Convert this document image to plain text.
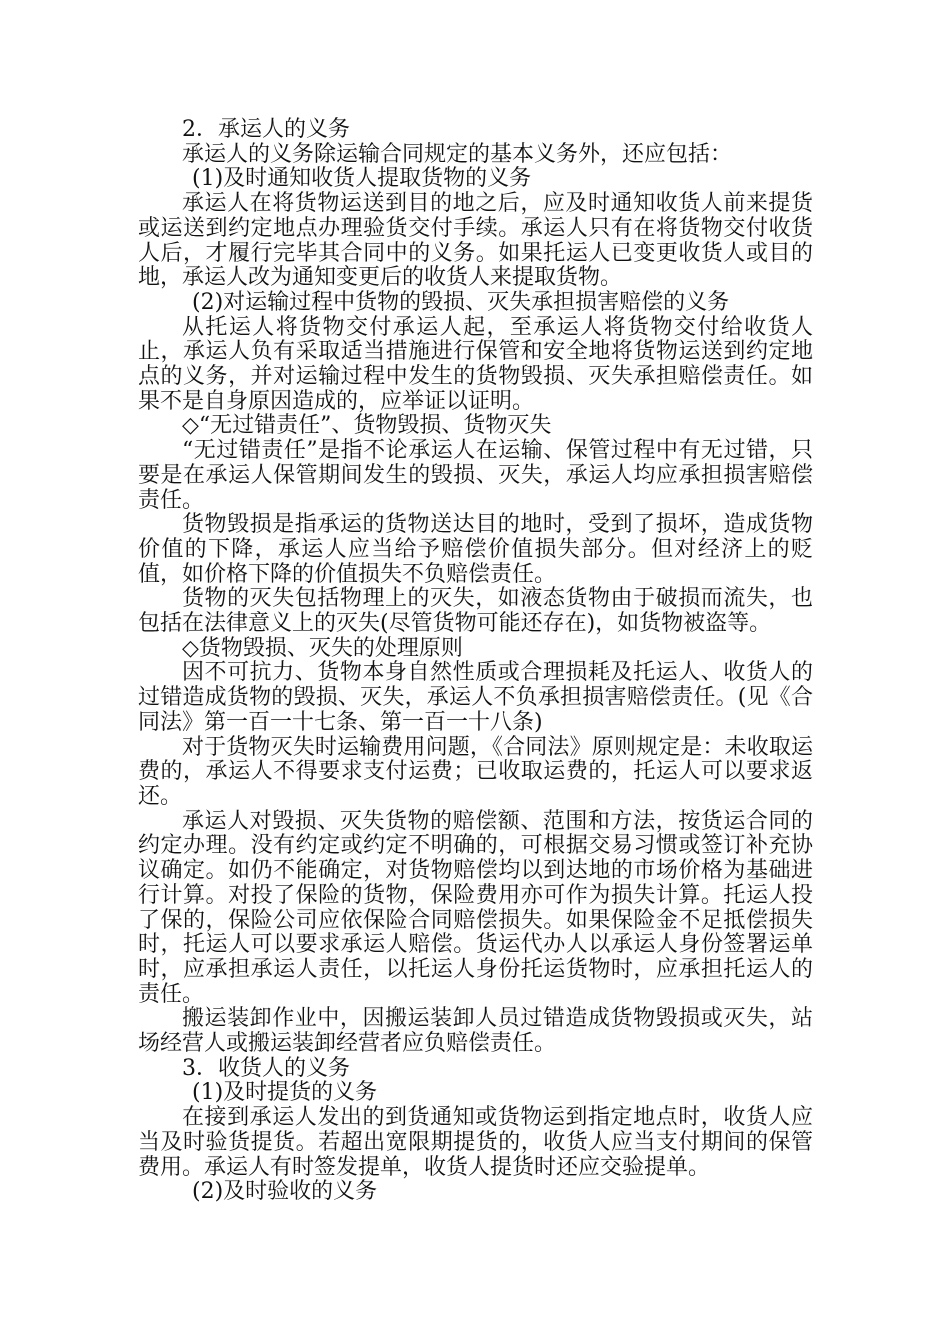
2．承运人的义务

承运人的义务除运输合同规定的基本义务外，还应包括：

(1)及时通知收货人提取货物的义务

承运人在将货物运送到目的地之后，应及时通知收货人前来提货或运送到约定地点办理验货交付手续。承运人只有在将货物交付收货人后，才履行完毕其合同中的义务。如果托运人已变更收货人或目的地，承运人改为通知变更后的收货人来提取货物。

(2)对运输过程中货物的毁损、灭失承担损害赔偿的义务

从托运人将货物交付承运人起，至承运人将货物交付给收货人止，承运人负有采取适当措施进行保管和安全地将货物运送到约定地点的义务，并对运输过程中发生的货物毁损、灭失承担赔偿责任。如果不是自身原因造成的，应举证以证明。

◇“无过错责任”、货物毁损、货物灭失

“无过错责任”是指不论承运人在运输、保管过程中有无过错，只要是在承运人保管期间发生的毁损、灭失，承运人均应承担损害赔偿责任。

货物毁损是指承运的货物送达目的地时，受到了损坏，造成货物价值的下降，承运人应当给予赔偿价值损失部分。但对经济上的贬值，如价格下降的价值损失不负赔偿责任。

货物的灭失包括物理上的灭失，如液态货物由于破损而流失，也包括在法律意义上的灭失(尽管货物可能还存在)，如货物被盗等。

◇货物毁损、灭失的处理原则

因不可抗力、货物本身自然性质或合理损耗及托运人、收货人的过错造成货物的毁损、灭失，承运人不负承担损害赔偿责任。(见《合同法》第一百一十七条、第一百一十八条)

对于货物灭失时运输费用问题，《合同法》原则规定是：未收取运费的，承运人不得要求支付运费；已收取运费的，托运人可以要求返还。

承运人对毁损、灭失货物的赔偿额、范围和方法，按货运合同的约定办理。没有约定或约定不明确的，可根据交易习惯或签订补充协议确定。如仍不能确定，对货物赔偿均以到达地的市场价格为基础进行计算。对投了保险的货物，保险费用亦可作为损失计算。托运人投了保的，保险公司应依保险合同赔偿损失。如果保险金不足抵偿损失时，托运人可以要求承运人赔偿。货运代办人以承运人身份签署运单时，应承担承运人责任，以托运人身份托运货物时，应承担托运人的责任。

搬运装卸作业中，因搬运装卸人员过错造成货物毁损或灭失，站场经营人或搬运装卸经营者应负赔偿责任。

3．收货人的义务

(1)及时提货的义务

在接到承运人发出的到货通知或货物运到指定地点时，收货人应当及时验货提货。若超出宽限期提货的，收货人应当支付期间的保管费用。承运人有时签发提单，收货人提货时还应交验提单。

(2)及时验收的义务
